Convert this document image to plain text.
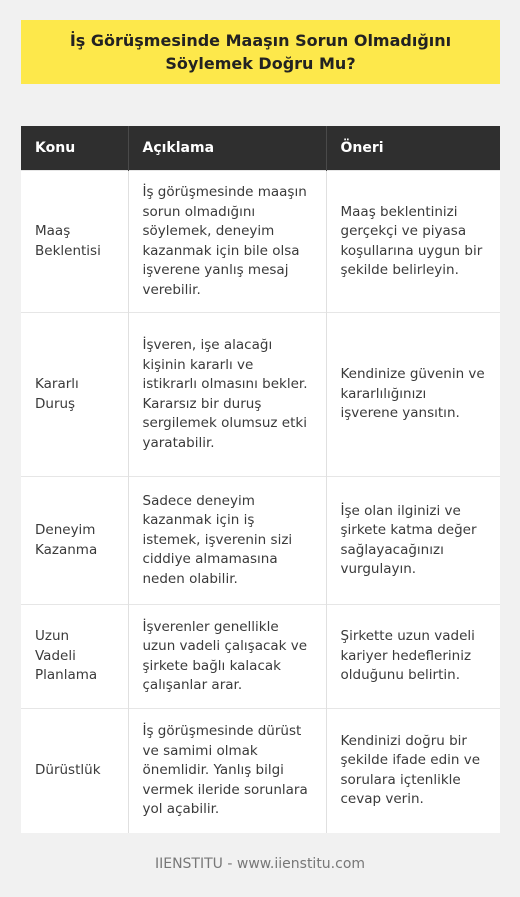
İş Görüşmesinde Maaşın Sorun Olmadığını Söylemek Doğru Mu?
Konu	Açıklama	Öneri
Maaş Beklentisi	İş görüşmesinde maaşın sorun olmadığını söylemek, deneyim kazanmak için bile olsa işverene yanlış mesaj verebilir.	Maaş beklentinizi gerçekçi ve piyasa koşullarına uygun bir şekilde belirleyin.
Kararlı Duruş	İşveren, işe alacağı kişinin kararlı ve istikrarlı olmasını bekler. Kararsız bir duruş sergilemek olumsuz etki yaratabilir.	Kendinize güvenin ve kararlılığınızı işverene yansıtın.
Deneyim Kazanma	Sadece deneyim kazanmak için iş istemek, işverenin sizi ciddiye almamasına neden olabilir.	İşe olan ilginizi ve şirkete katma değer sağlayacağınızı vurgulayın.
Uzun Vadeli Planlama	İşverenler genellikle uzun vadeli çalışacak ve şirkete bağlı kalacak çalışanlar arar.	Şirkette uzun vadeli kariyer hedefleriniz olduğunu belirtin.
Dürüstlük	İş görüşmesinde dürüst ve samimi olmak önemlidir. Yanlış bilgi vermek ileride sorunlara yol açabilir.	Kendinizi doğru bir şekilde ifade edin ve sorulara içtenlikle cevap verin.
IIENSTITU - www.iienstitu.com
